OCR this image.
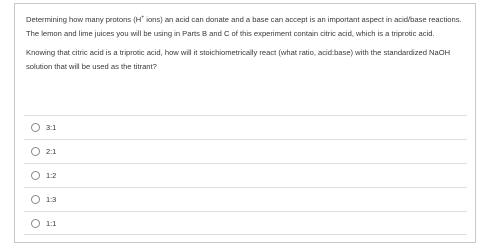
Determining how many protons (H+ ions) an acid can donate and a base can accept is an important aspect in acid/base reactions. The lemon and lime juices you will be using in Parts B and C of this experiment contain citric acid, which is a triprotic acid.

Knowing that citric acid is a triprotic acid, how will it stoichiometrically react (what ratio, acid:base) with the standardized NaOH solution that will be used as the titrant?

3:1
2:1
1:2
1:3
1:1
